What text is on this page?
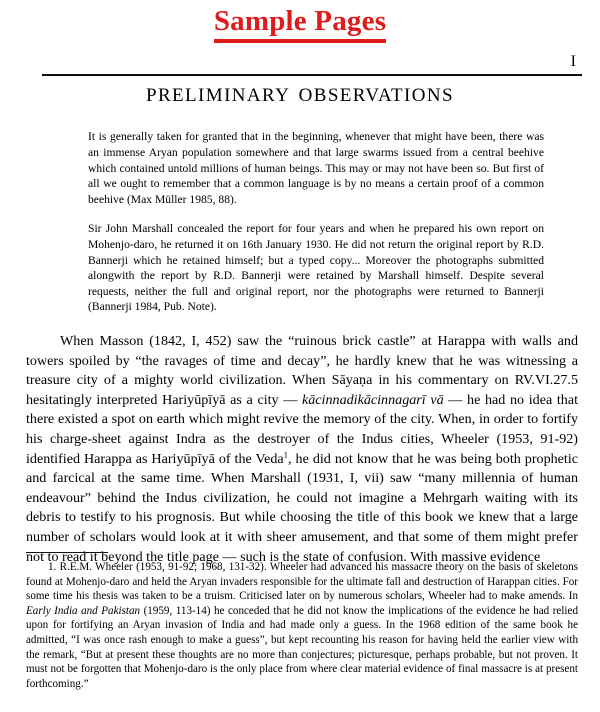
Sample Pages
I
PRELIMINARY OBSERVATIONS

It is generally taken for granted that in the beginning, whenever that might have been, there was an immense Aryan population somewhere and that large swarms issued from a central beehive which contained untold millions of human beings. This may or may not have been so. But first of all we ought to remember that a common language is by no means a certain proof of a common beehive (Max Müller 1985, 88).

Sir John Marshall concealed the report for four years and when he prepared his own report on Mohenjo-daro, he returned it on 16th January 1930. He did not return the original report by R.D. Bannerji which he retained himself; but a typed copy... Moreover the photographs submitted alongwith the report by R.D. Bannerji were retained by Marshall himself. Despite several requests, neither the full and original report, nor the photographs were returned to Bannerji (Bannerji 1984, Pub. Note).

When Masson (1842, I, 452) saw the “ruinous brick castle” at Harappa with walls and towers spoiled by “the ravages of time and decay”, he hardly knew that he was witnessing a treasure city of a mighty world civilization. When Sāyaṇa in his commentary on RV.VI.27.5 hesitatingly interpreted Hariyūpīyā as a city — kācinnadikācinnagarī vā — he had no idea that there existed a spot on earth which might revive the memory of the city. When, in order to fortify his charge-sheet against Indra as the destroyer of the Indus cities, Wheeler (1953, 91-92) identified Harappa as Hariyūpīyā of the Veda$^1$, he did not know that he was being both prophetic and farcical at the same time. When Marshall (1931, I, vii) saw “many millennia of human endeavour” behind the Indus civilization, he could not imagine a Mehrgarh waiting with its debris to testify to his prognosis. But while choosing the title of this book we knew that a large number of scholars would look at it with sheer amusement, and that some of them might prefer not to read it beyond the title page — such is the state of confusion. With massive evidence

1. R.E.M. Wheeler (1953, 91-92; 1968, 131-32). Wheeler had advanced his massacre theory on the basis of skeletons found at Mohenjo-daro and held the Aryan invaders responsible for the ultimate fall and destruction of Harappan cities. For some time his thesis was taken to be a truism. Criticised later on by numerous scholars, Wheeler had to make amends. In Early India and Pakistan (1959, 113-14) he conceded that he did not know the implications of the evidence he had relied upon for fortifying an Aryan invasion of India and had made only a guess. In the 1968 edition of the same book he admitted, “I was once rash enough to make a guess”, but kept recounting his reason for having held the earlier view with the remark, “But at present these thoughts are no more than conjectures; picturesque, perhaps probable, but not proven. It must not be forgotten that Mohenjo-daro is the only place from where clear material evidence of final massacre is at present forthcoming.”
